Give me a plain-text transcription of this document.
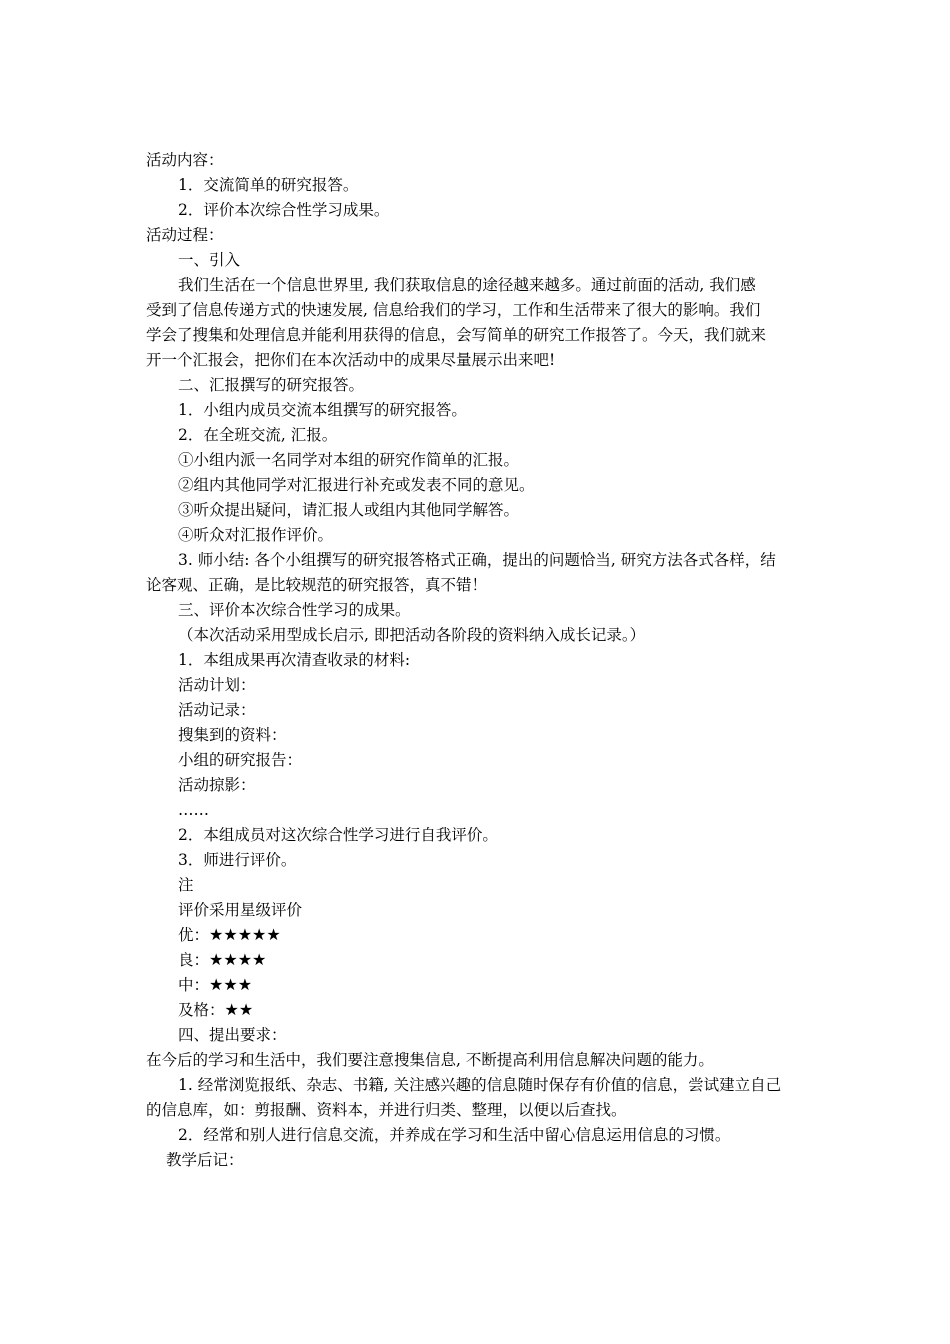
活动内容：
1．交流简单的研究报答。
2．评价本次综合性学习成果。
活动过程：
一、引入
我们生活在一个信息世界里, 我们获取信息的途径越来越多。通过前面的活动, 我们感
受到了信息传递方式的快速发展, 信息给我们的学习，工作和生活带来了很大的影响。我们
学会了搜集和处理信息并能利用获得的信息，会写简单的研究工作报答了。今天，我们就来
开一个汇报会，把你们在本次活动中的成果尽量展示出来吧!
二、汇报撰写的研究报答。
1．小组内成员交流本组撰写的研究报答。
2．在全班交流, 汇报。
①小组内派一名同学对本组的研究作简单的汇报。
②组内其他同学对汇报进行补充或发表不同的意见。
③听众提出疑问，请汇报人或组内其他同学解答。
④听众对汇报作评价。
3. 师小结: 各个小组撰写的研究报答格式正确，提出的问题恰当, 研究方法各式各样，结
论客观、正确，是比较规范的研究报答，真不错！
三、评价本次综合性学习的成果。
（本次活动采用型成长启示, 即把活动各阶段的资料纳入成长记录。）
1．本组成果再次清查收录的材料:
活动计划：
活动记录：
搜集到的资料：
小组的研究报告：
活动掠影：
……
2．本组成员对这次综合性学习进行自我评价。
3．师进行评价。
注
评价采用星级评价
优：★★★★★
良：★★★★
中：★★★
及格：★★
四、提出要求：
在今后的学习和生活中，我们要注意搜集信息, 不断提高利用信息解决问题的能力。
1. 经常浏览报纸、杂志、书籍, 关注感兴趣的信息随时保存有价值的信息，尝试建立自己
的信息库，如：剪报酬、资料本，并进行归类、整理，以便以后查找。
2．经常和别人进行信息交流，并养成在学习和生活中留心信息运用信息的习惯。
教学后记：
